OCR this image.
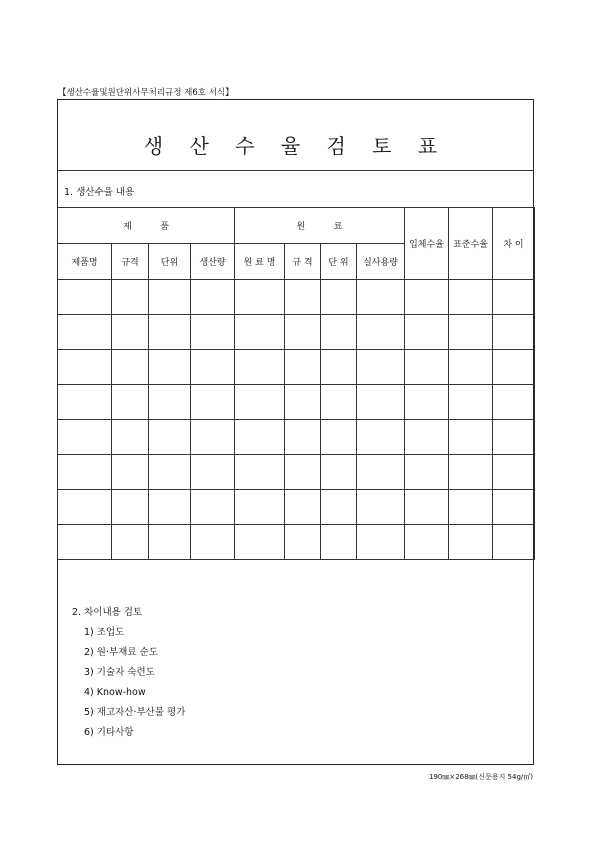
【생산수율및원단위사무처리규정 제6호 서식】
생 산 수 율 검 토 표
1. 생산수율 내용
제          품				원          료				입체수율	표준수율	차 이
제품명	규격	단위	생산량	원 료 명	규 격	단 위	실사용량			

2. 차이내용 검토
1) 조업도
2) 원·부재료 순도
3) 기술자 숙련도
4) Know-how
5) 재고자산·부산물 평가
6) 기타사항
190㎜×268㎜(신문용지 54g/㎡)
